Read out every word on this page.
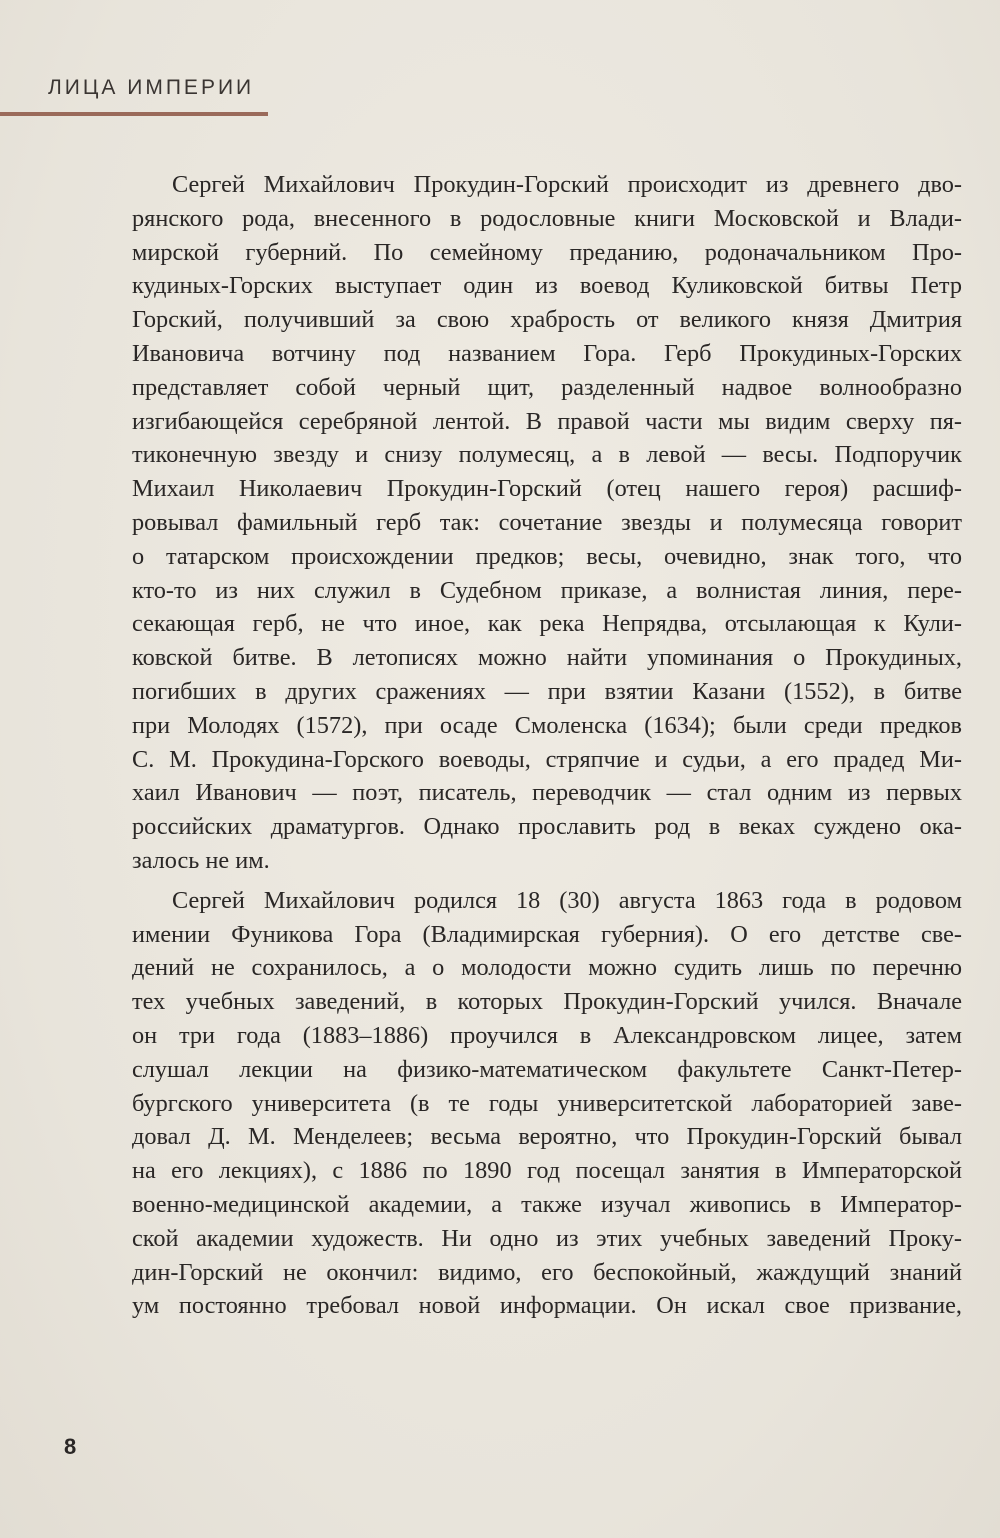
ЛИЦА ИМПЕРИИ
Сергей Михайлович Прокудин-Горский происходит из древнего дво-
рянского рода, внесенного в родословные книги Московской и Влади-
мирской губерний. По семейному преданию, родоначальником Про-
кудиных-Горских выступает один из воевод Куликовской битвы Петр
Горский, получивший за свою храбрость от великого князя Дмитрия
Ивановича вотчину под названием Гора. Герб Прокудиных-Горских
представляет собой черный щит, разделенный надвое волнообразно
изгибающейся серебряной лентой. В правой части мы видим сверху пя-
тиконечную звезду и снизу полумесяц, а в левой — весы. Подпоручик
Михаил Николаевич Прокудин-Горский (отец нашего героя) расшиф-
ровывал фамильный герб так: сочетание звезды и полумесяца говорит
о татарском происхождении предков; весы, очевидно, знак того, что
кто-то из них служил в Судебном приказе, а волнистая линия, пере-
секающая герб, не что иное, как река Непрядва, отсылающая к Кули-
ковской битве. В летописях можно найти упоминания о Прокудиных,
погибших в других сражениях — при взятии Казани (1552), в битве
при Молодях (1572), при осаде Смоленска (1634); были среди предков
С. М. Прокудина-Горского воеводы, стряпчие и судьи, а его прадед Ми-
хаил Иванович — поэт, писатель, переводчик — стал одним из первых
российских драматургов. Однако прославить род в веках суждено ока-
залось не им.
Сергей Михайлович родился 18 (30) августа 1863 года в родовом
имении Фуникова Гора (Владимирская губерния). О его детстве све-
дений не сохранилось, а о молодости можно судить лишь по перечню
тех учебных заведений, в которых Прокудин-Горский учился. Вначале
он три года (1883–1886) проучился в Александровском лицее, затем
слушал лекции на физико-математическом факультете Санкт-Петер-
бургского университета (в те годы университетской лабораторией заве-
довал Д. М. Менделеев; весьма вероятно, что Прокудин-Горский бывал
на его лекциях), с 1886 по 1890 год посещал занятия в Императорской
военно-медицинской академии, а также изучал живопись в Император-
ской академии художеств. Ни одно из этих учебных заведений Проку-
дин-Горский не окончил: видимо, его беспокойный, жаждущий знаний
ум постоянно требовал новой информации. Он искал свое призвание,
8
